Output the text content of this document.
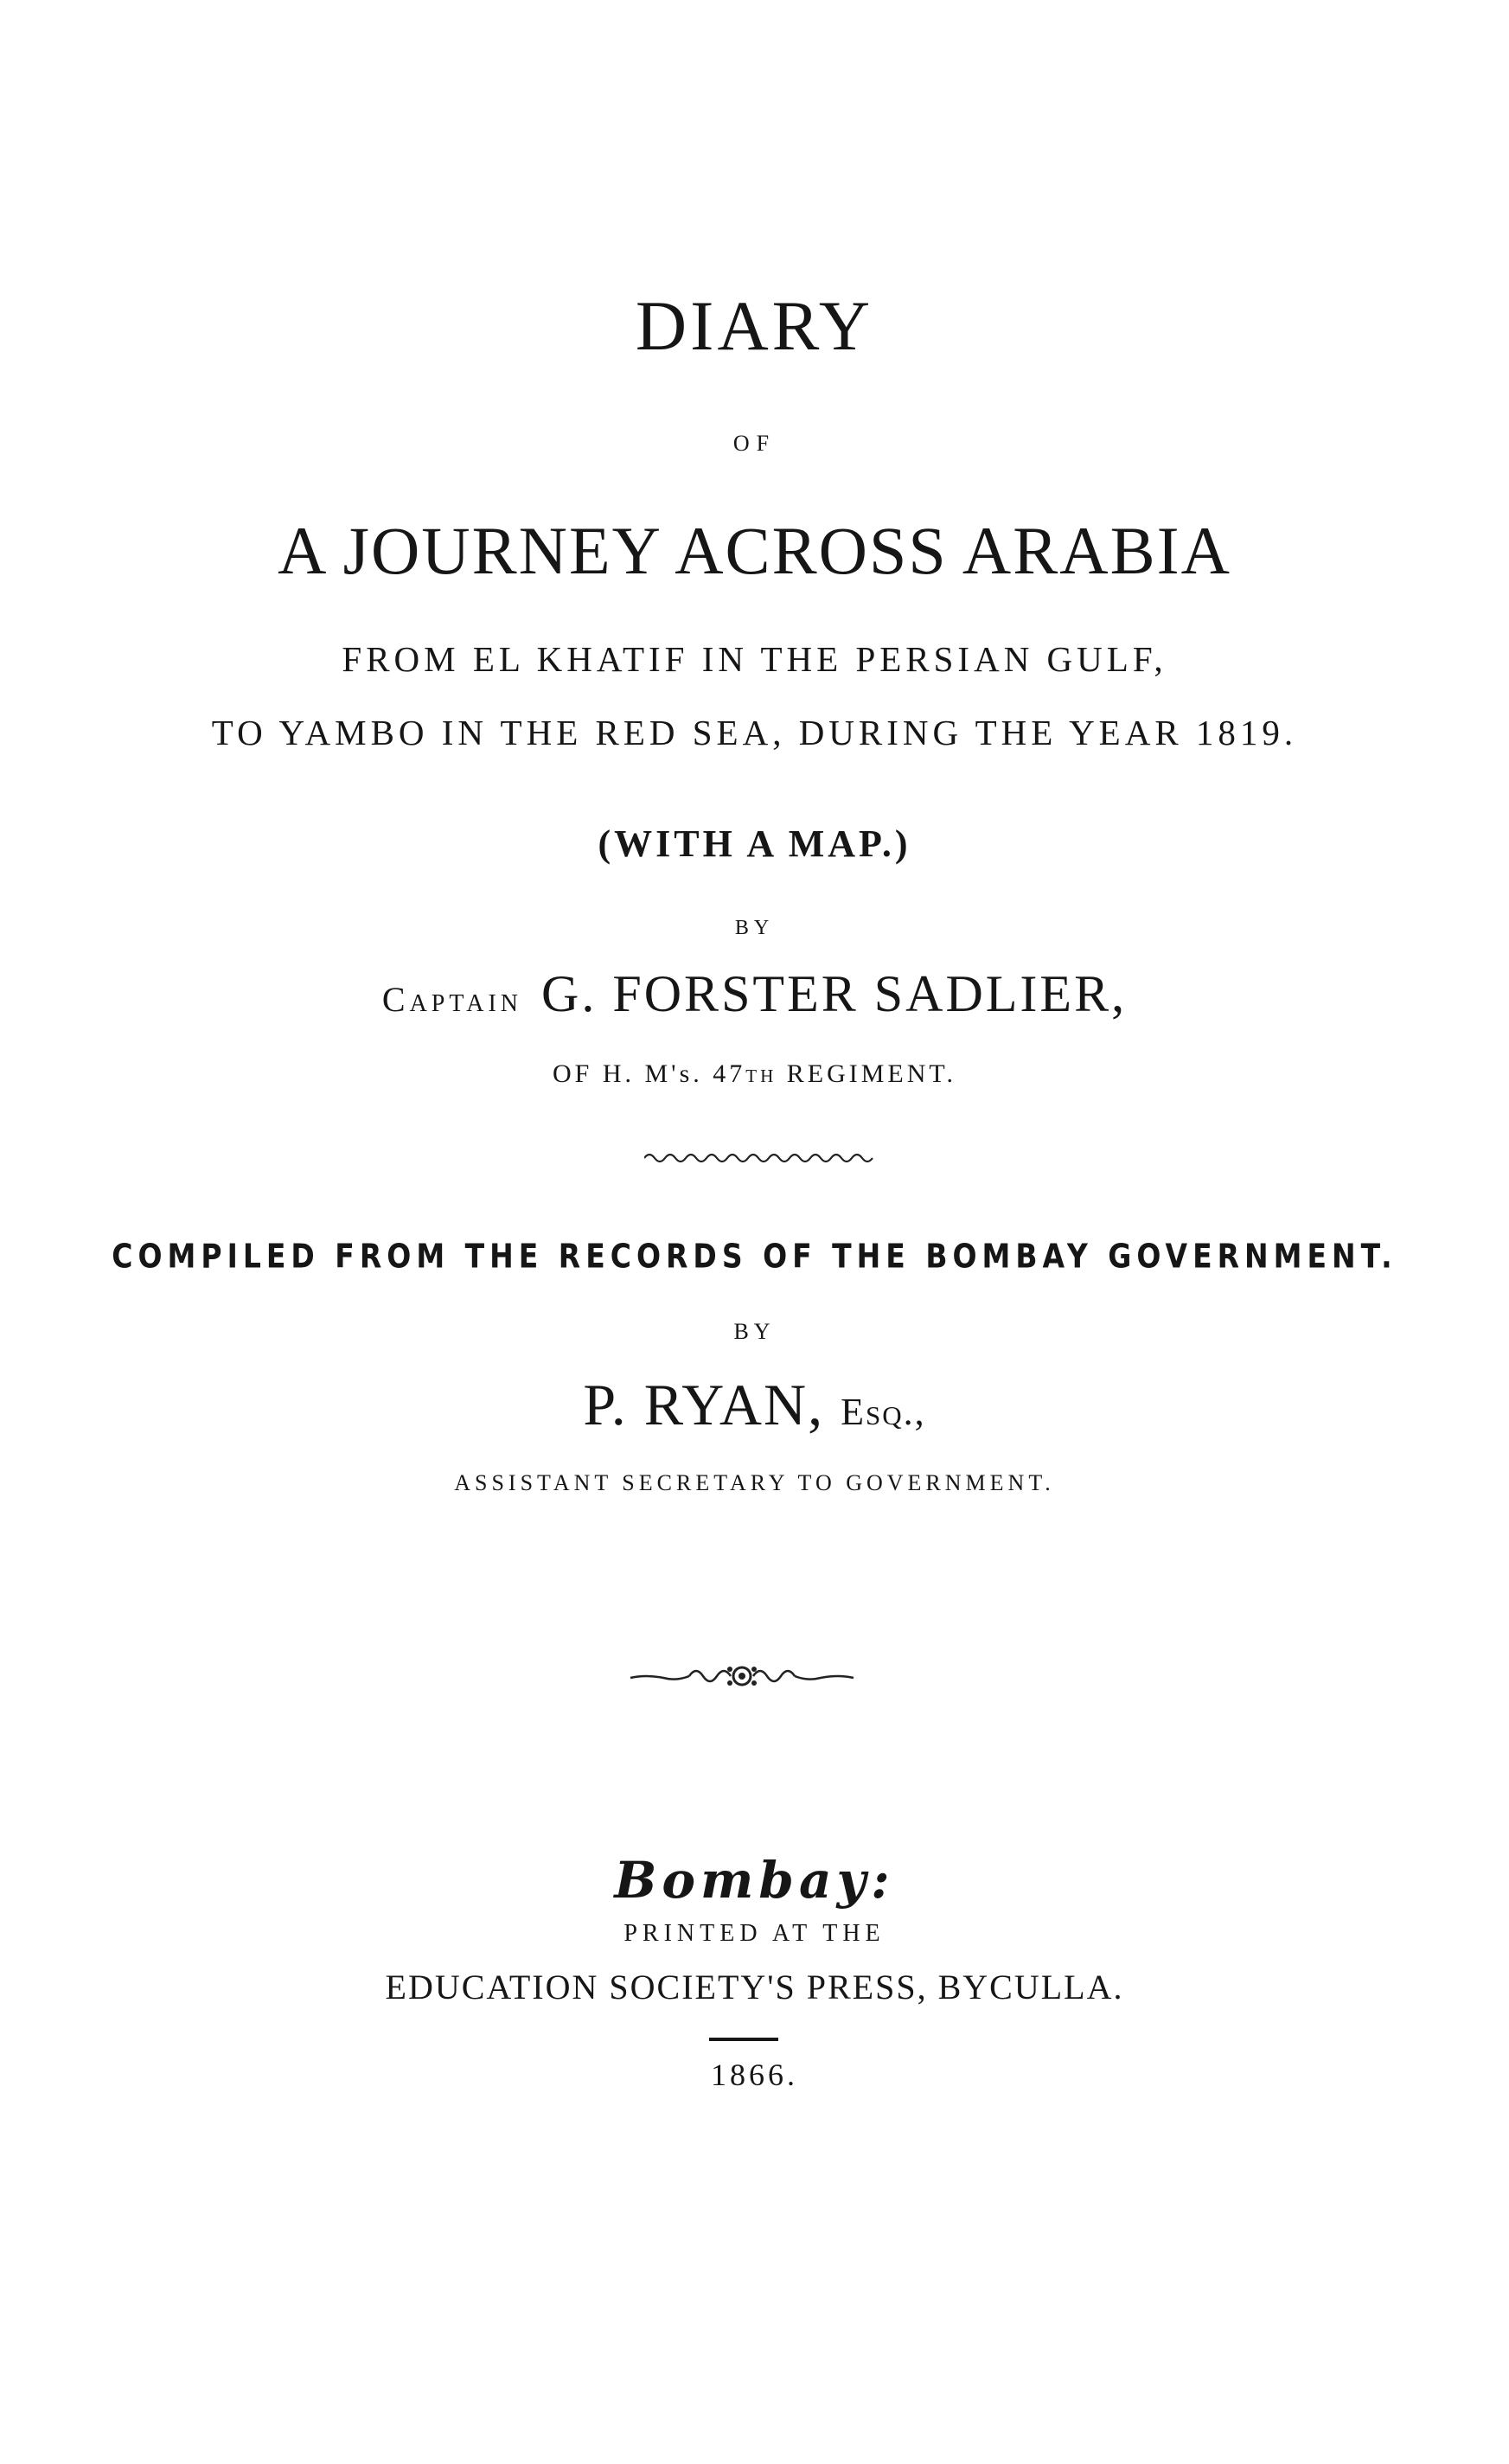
DIARY
OF
A JOURNEY ACROSS ARABIA
FROM EL KHATIF IN THE PERSIAN GULF,
TO YAMBO IN THE RED SEA, DURING THE YEAR 1819.
(WITH A MAP.)
BY
Captain G. FORSTER SADLIER,
OF H. M's. 47TH REGIMENT.
COMPILED FROM THE RECORDS OF THE BOMBAY GOVERNMENT.
BY
P. RYAN, Esq.,
ASSISTANT SECRETARY TO GOVERNMENT.
Bombay:
PRINTED AT THE
EDUCATION SOCIETY'S PRESS, BYCULLA.
1866.
